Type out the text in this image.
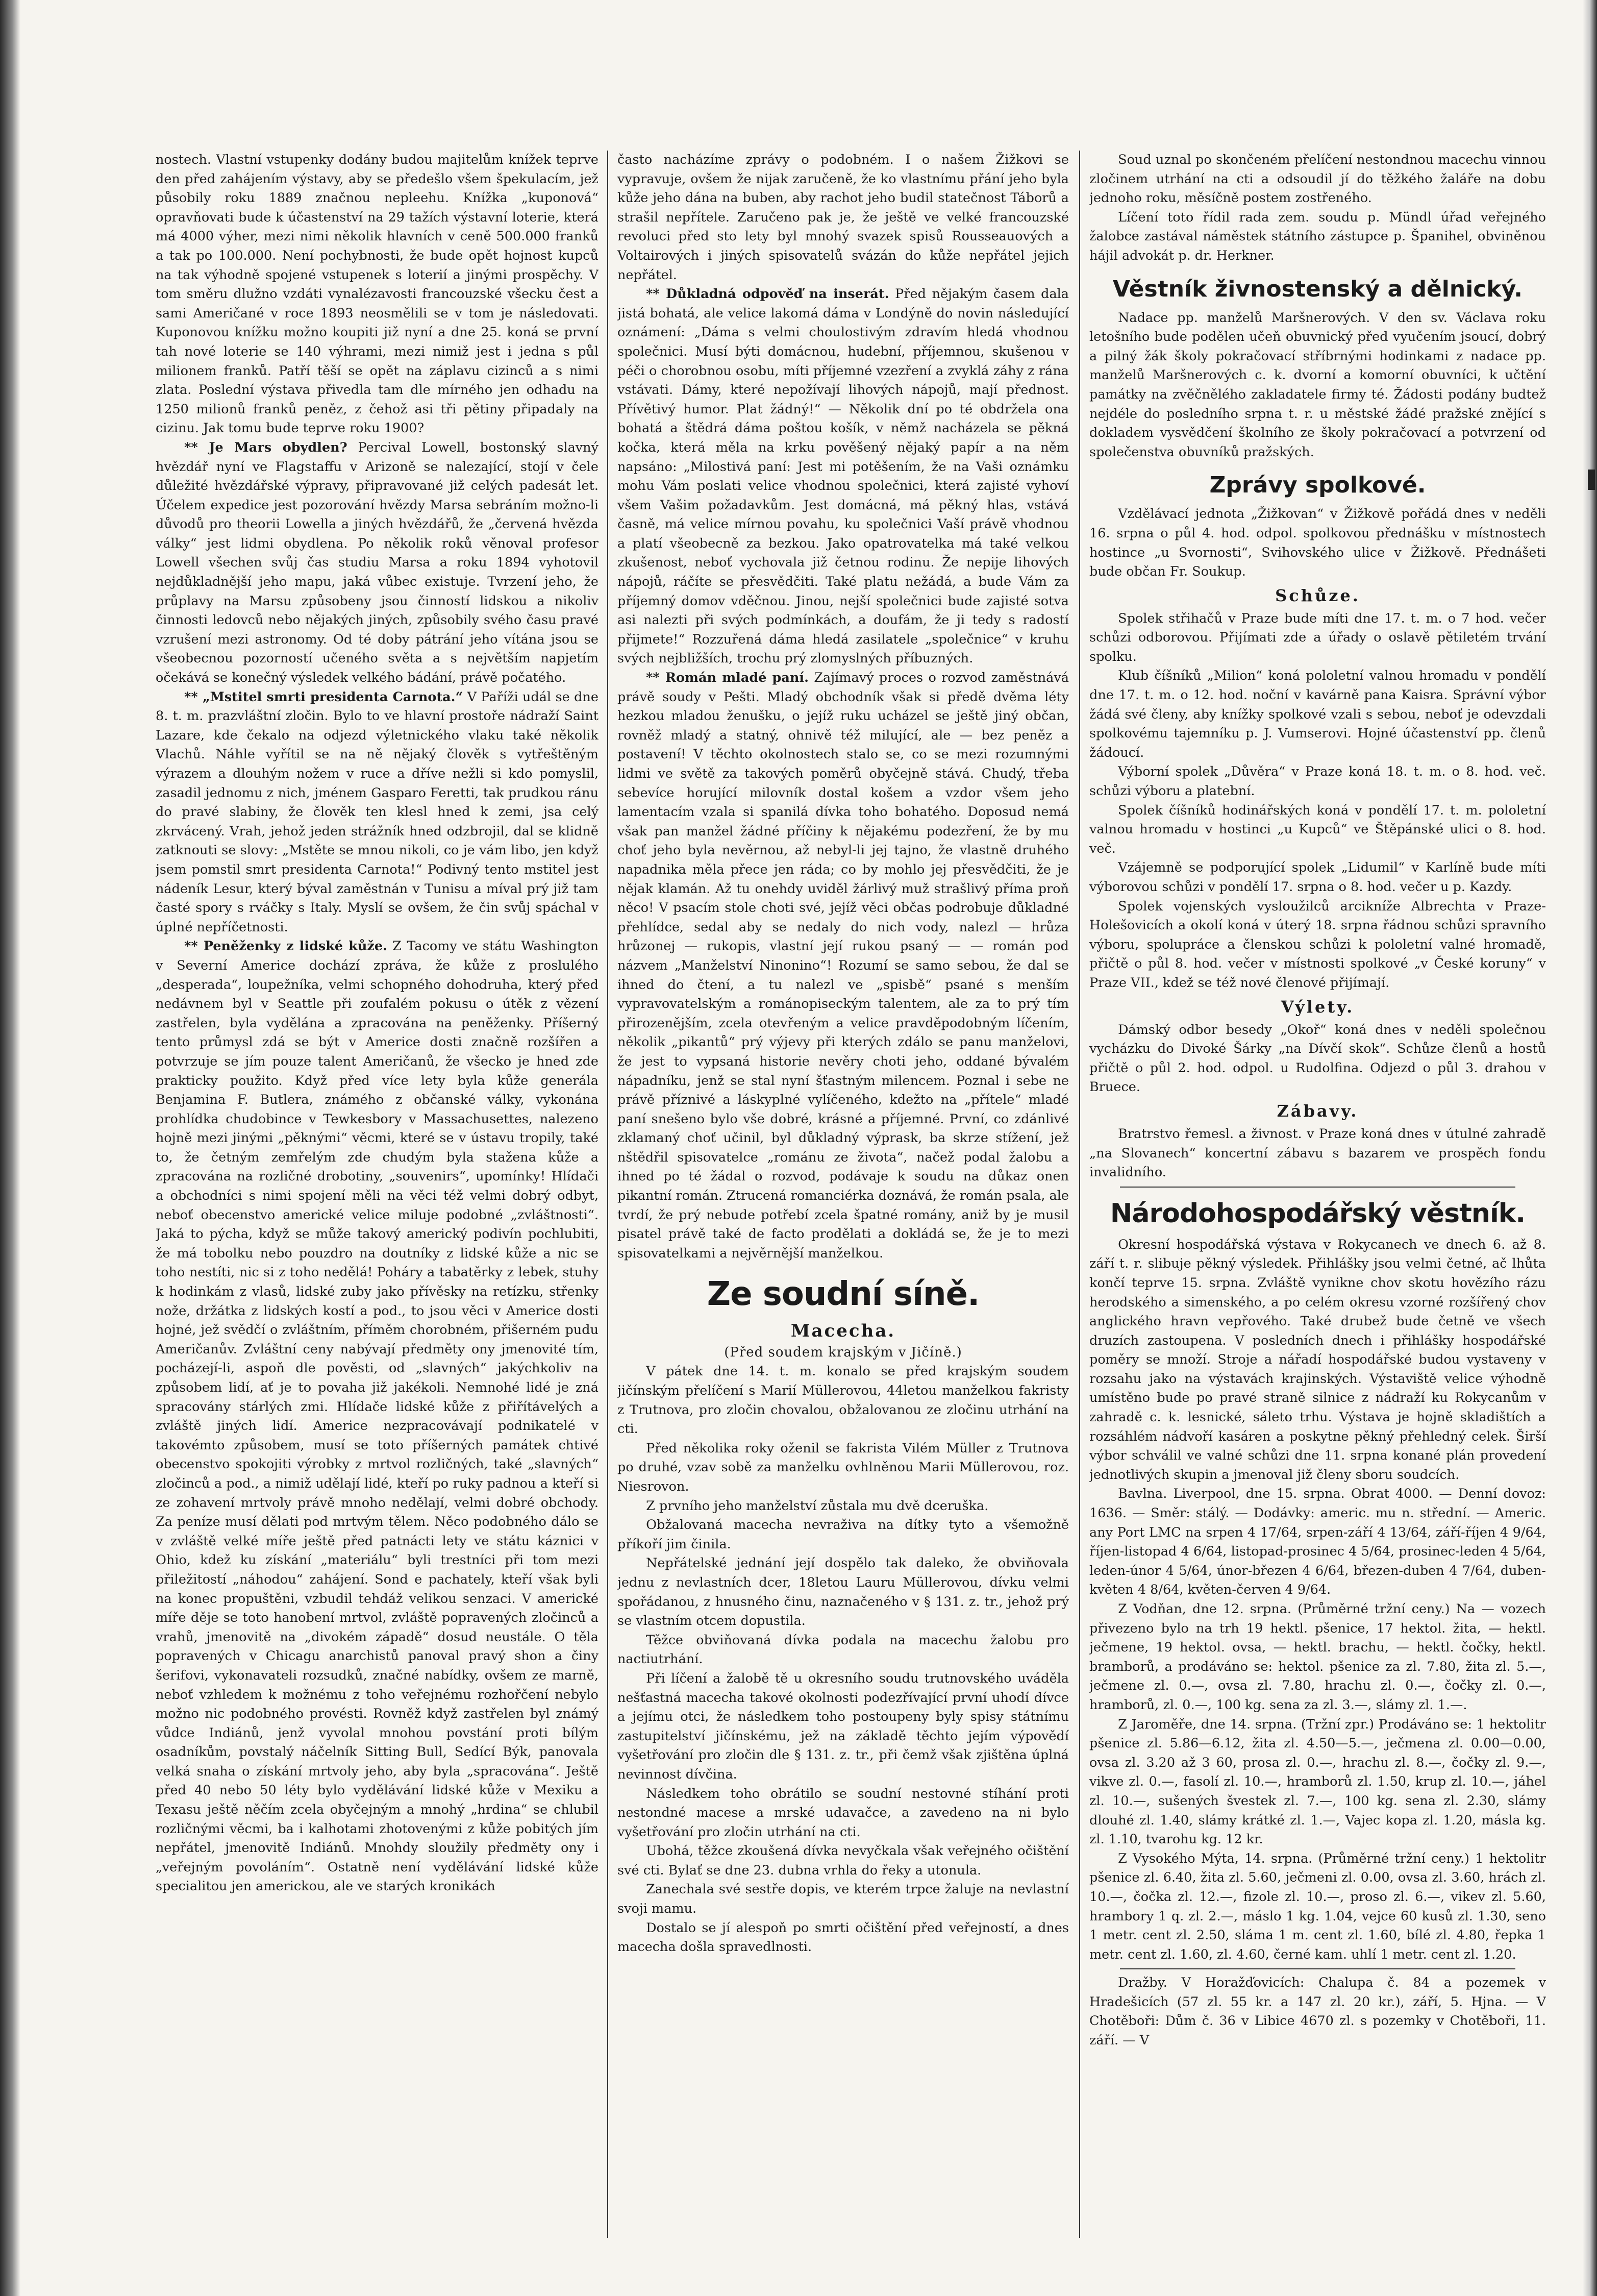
nostech. Vlastní vstupenky dodány budou majitelům knížek teprve den před zahájením výstavy, aby se předešlo všem špekulacím, jež působily roku 1889 značnou nepleehu. Knížka „kuponová“ opravňovati bude k účastenství na 29 tažích výstavní loterie, která má 4000 výher, mezi nimi několik hlavních v ceně 500.000 franků a tak po 100.000. Není pochybnosti, že bude opět hojnost kupců na tak výhodně spojené vstupenek s loterií a jinými prospěchy. V tom směru dlužno vzdáti vynalézavosti francouzské všecku čest a sami Američané v roce 1893 neosmělili se v tom je následovati. Kuponovou knížku možno koupiti již nyní a dne 25. koná se první tah nové loterie se 140 výhrami, mezi nimiž jest i jedna s půl milionem franků. Patří těší se opět na záplavu cizinců a s nimi zlata. Poslední výstava přivedla tam dle mírného jen odhadu na 1250 milionů franků peněz, z čehož asi tři pětiny připadaly na cizinu. Jak tomu bude teprve roku 1900?

** Je Mars obydlen? Percival Lowell, bostonský slavný hvězdář nyní ve Flagstaffu v Arizoně se nalezající, stojí v čele důležité hvězdářské výpravy, připravované již celých padesát let. Účelem expedice jest pozorování hvězdy Marsa sebráním možno-li důvodů pro theorii Lowella a jiných hvězdářů, že „červená hvězda války“ jest lidmi obydlena. Po několik roků věnoval profesor Lowell všechen svůj čas studiu Marsa a roku 1894 vyhotovil nejdůkladnější jeho mapu, jaká vůbec existuje. Tvrzení jeho, že průplavy na Marsu způsobeny jsou činností lidskou a nikoliv činnosti ledovců nebo nějakých jiných, způsobily svého času pravé vzrušení mezi astronomy. Od té doby pátrání jeho vítána jsou se všeobecnou pozorností učeného světa a s největším napjetím očekává se konečný výsledek velkého bádání, právě počatého.

** „Mstitel smrti presidenta Carnota.“ V Paříži udál se dne 8. t. m. prazvláštní zločin. Bylo to ve hlavní prostoře nádraží Saint Lazare, kde čekalo na odjezd výletnického vlaku také několik Vlachů. Náhle vyřítil se na ně nějaký člověk s vytřeštěným výrazem a dlouhým nožem v ruce a dříve nežli si kdo pomyslil, zasadil jednomu z nich, jménem Gasparo Feretti, tak prudkou ránu do pravé slabiny, že člověk ten klesl hned k zemi, jsa celý zkrvácený. Vrah, jehož jeden strážník hned odzbrojil, dal se klidně zatknouti se slovy: „Mstěte se mnou nikoli, co je vám libo, jen když jsem pomstil smrt presidenta Carnota!“ Podivný tento mstitel jest nádeník Lesur, který býval zaměstnán v Tunisu a míval prý již tam časté spory s rváčky s Italy. Myslí se ovšem, že čin svůj spáchal v úplné nepříčetnosti.

** Peněženky z lidské kůže. Z Tacomy ve státu Washington v Severní Americe dochází zpráva, že kůže z proslulého „desperada“, loupežníka, velmi schopného dohodruha, který před nedávnem byl v Seattle při zoufalém pokusu o útěk z vězení zastřelen, byla vydělána a zpracována na peněženky. Příšerný tento průmysl zdá se být v Americe dosti značně rozšířen a potvrzuje se jím pouze talent Američanů, že všecko je hned zde prakticky použito. Když před více lety byla kůže generála Benjamina F. Butlera, známého z občanské války, vykonána prohlídka chudobince v Tewkesbory v Massachusettes, nalezeno hojně mezi jinými „pěknými“ věcmi, které se v ústavu tropily, také to, že četným zemřelým zde chudým byla stažena kůže a zpracována na rozličné drobotiny, „souvenirs“, upomínky! Hlídači a obchodníci s nimi spojení měli na věci též velmi dobrý odbyt, neboť obecenstvo americké velice miluje podobné „zvláštnosti“. Jaká to pýcha, když se může takový americký podivín pochlubiti, že má tobolku nebo pouzdro na doutníky z lidské kůže a nic se toho nestíti, nic si z toho nedělá! Poháry a tabatěrky z lebek, stuhy k hodinkám z vlasů, lidské zuby jako přívěsky na retízku, střenky nože, držátka z lidských kostí a pod., to jsou věci v Americe dosti hojné, jež svědčí o zvláštním, příměm chorobném, přišerném pudu Američanův. Zvláštní ceny nabývají předměty ony jmenovité tím, pocházejí-li, aspoň dle pověsti, od „slavných“ jakýchkoliv na způsobem lidí, ať je to povaha již jakékoli. Nemnohé lidé je zná spracovány stárlých zmi. Hlídače lidské kůže z přiřítávelých a zvláště jiných lidí. Americe nezpracovávají podnikatelé v takovémto způsobem, musí se toto příšerných památek chtivé obecenstvo spokojiti výrobky z mrtvol rozličných, také „slavných“ zločinců a pod., a nimiž udělají lidé, kteří po ruky padnou a kteří si ze zohavení mrtvoly právě mnoho nedělají, velmi dobré obchody. Za peníze musí dělati pod mrtvým tělem. Něco podobného dálo se v zvláště velké míře ještě před patnácti lety ve státu káznici v Ohio, kdež ku získání „materiálu“ byli trestníci při tom mezi přiležitostí „náhodou“ zahájení. Sond e pachately, kteří však byli na konec propuštěni, vzbudil tehdáž velikou senzaci. V americké míře děje se toto hanobení mrtvol, zvláště popravených zločinců a vrahů, jmenovitě na „divokém západě“ dosud neustále. O těla popravených v Chicagu anarchistů panoval pravý shon a činy šerifovi, vykonavateli rozsudků, značné nabídky, ovšem ze marně, neboť vzhledem k možnému z toho veřejnému rozhořčení nebylo možno nic podobného provésti. Rovněž když zastřelen byl známý vůdce Indiánů, jenž vyvolal mnohou povstání proti bílým osadníkům, povstalý náčelník Sitting Bull, Sedící Býk, panovala velká snaha o získání mrtvoly jeho, aby byla „spracována“. Ještě před 40 nebo 50 léty bylo vydělávání lidské kůže v Mexiku a Texasu ještě něčím zcela obyčejným a mnohý „hrdina“ se chlubil rozličnými věcmi, ba i kalhotami zhotovenými z kůže pobitých jím nepřátel, jmenovitě Indiánů. Mnohdy sloužily předměty ony i „veřejným povoláním“. Ostatně není vydělávání lidské kůže specialitou jen americkou, ale ve starých kronikách

často nacházíme zprávy o podobném. I o našem Žižkovi se vypravuje, ovšem že nijak zaručeně, že ko vlastnímu přání jeho byla kůže jeho dána na buben, aby rachot jeho budil statečnost Táborů a strašil nepřítele. Zaručeno pak je, že ještě ve velké francouzské revoluci před sto lety byl mnohý svazek spisů Rousseauových a Voltairových i jiných spisovatelů svázán do kůže nepřátel jejich nepřátel.

** Důkladná odpověď na inserát. Před nějakým časem dala jistá bohatá, ale velice lakomá dáma v Londýně do novin následující oznámení: „Dáma s velmi choulostivým zdravím hledá vhodnou společnici. Musí býti domácnou, hudební, příjemnou, skušenou v péči o chorobnou osobu, míti příjemné vzezření a zvyklá záhy z rána vstávati. Dámy, které nepožívají lihových nápojů, mají přednost. Přívětivý humor. Plat žádný!“ — Několik dní po té obdržela ona bohatá a štědrá dáma poštou košík, v němž nacházela se pěkná kočka, která měla na krku pověšený nějaký papír a na něm napsáno: „Milostivá paní: Jest mi potěšením, že na Vaši oznámku mohu Vám poslati velice vhodnou společnici, která zajisté vyhoví všem Vašim požadavkům. Jest domácná, má pěkný hlas, vstává časně, má velice mírnou povahu, ku společnici Vaší právě vhodnou a platí všeobecně za bezkou. Jako opatrovatelka má také velkou zkušenost, neboť vychovala již četnou rodinu. Že nepije lihových nápojů, ráčíte se přesvědčiti. Také platu nežádá, a bude Vám za příjemný domov vděčnou. Jinou, nejší společnici bude zajisté sotva asi nalezti při svých podmínkách, a doufám, že ji tedy s radostí přijmete!“ Rozzuřená dáma hledá zasilatele „společnice“ v kruhu svých nejbližších, trochu prý zlomyslných příbuzných.

** Román mladé paní. Zajímavý proces o rozvod zaměstnává právě soudy v Pešti. Mladý obchodník však si předě dvěma léty hezkou mladou ženušku, o jejíž ruku ucházel se ještě jiný občan, rovněž mladý a statný, ohnivě též milující, ale — bez peněz a postavení! V těchto okolnostech stalo se, co se mezi rozumnými lidmi ve světě za takových poměrů obyčejně stává. Chudý, třeba sebevíce horující milovník dostal košem a vzdor všem jeho lamentacím vzala si spanilá dívka toho bohatého. Doposud nemá však pan manžel žádné příčiny k nějakému podezření, že by mu choť jeho byla nevěrnou, až nebyl-li jej tajno, že vlastně druhého napadnika měla přece jen ráda; co by mohlo jej přesvědčiti, že je nějak klamán. Až tu onehdy uviděl žárlivý muž strašlivý příma proň něco! V psacím stole choti své, jejíž věci občas podrobuje důkladné přehlídce, sedal aby se nedaly do nich vody, nalezl — hrůza hrůzonej — rukopis, vlastní její rukou psaný — — román pod názvem „Manželství Ninonino“! Rozumí se samo sebou, že dal se ihned do čtení, a tu nalezl ve „spisbě“ psané s menším vypravovatelským a románopiseckým talentem, ale za to prý tím přirozenějším, zcela otevřeným a velice pravděpodobným líčením, několik „pikantů“ prý výjevy při kterých zdálo se panu manželovi, že jest to vypsaná historie nevěry choti jeho, oddané bývalém nápadníku, jenž se stal nyní šťastným milencem. Poznal i sebe ne právě příznivé a láskyplné vylíčeného, kdežto na „přítele“ mladé paní snešeno bylo vše dobré, krásné a příjemné. První, co zdánlivé zklamaný choť učinil, byl důkladný výprask, ba skrze stížení, jež nštědřil spisovatelce „románu ze života“, načež podal žalobu a ihned po té žádal o rozvod, podávaje k soudu na důkaz onen pikantní román. Ztrucená romanciérka doznává, že román psala, ale tvrdí, že prý nebude potřebí zcela špatné romány, aniž by je musil pisatel právě také de facto prodělati a dokládá se, že je to mezi spisovatelkami a nejvěrnější manželkou.

Ze soudní síně.
Macecha.
(Před soudem krajským v Jičíně.)

V pátek dne 14. t. m. konalo se před krajským soudem jičínským přelíčení s Marií Müllerovou, 44letou manželkou fakristy z Trutnova, pro zločin chovalou, obžalovanou ze zločinu utrhání na cti.

Před několika roky oženil se fakrista Vilém Müller z Trutnova po druhé, vzav sobě za manželku ovhlněnou Marii Müllerovou, roz. Niesrovon.

Z prvního jeho manželství zůstala mu dvě dceruška.

Obžalovaná macecha nevraživa na dítky tyto a všemožně příkoří jim činila.

Nepřátelské jednání její dospělo tak daleko, že obviňovala jednu z nevlastních dcer, 18letou Lauru Müllerovou, dívku velmi spořádanou, z hnusného činu, naznačeného v § 131. z. tr., jehož prý se vlastním otcem dopustila.

Těžce obviňovaná dívka podala na macechu žalobu pro nactiutrhání.

Při líčení a žalobě tě u okresního soudu trutnovského uváděla nešťastná macecha takové okolnosti podezřívající první uhodí dívce a jejímu otci, že následkem toho postoupeny byly spisy státnímu zastupitelství jičínskému, jež na základě těchto jejím výpovědí vyšetřování pro zločin dle § 131. z. tr., při čemž však zjištěna úplná nevinnost dívčina.

Následkem toho obrátilo se soudní nestovné stíhání proti nestondné macese a mrské udavačce, a zavedeno na ni bylo vyšetřování pro zločin utrhání na cti.

Ubohá, těžce zkoušená dívka nevyčkala však veřejného očištění své cti. Bylať se dne 23. dubna vrhla do řeky a utonula.

Zanechala své sestře dopis, ve kterém trpce žaluje na nevlastní svoji mamu.

Dostalo se jí alespoň po smrti očištění před veřejností, a dnes macecha došla spravedlnosti.

Soud uznal po skončeném přelíčení nestondnou macechu vinnou zločinem utrhání na cti a odsoudil jí do těžkého žaláře na dobu jednoho roku, měsíčně postem zostřeného.

Líčení toto řídil rada zem. soudu p. Mündl úřad veřejného žalobce zastával náměstek státního zástupce p. Španihel, obviněnou hájil advokát p. dr. Herkner.

Věstník živnostenský a dělnický.

Nadace pp. manželů Maršnerových. V den sv. Václava roku letošního bude podělen učeň obuvnický před vyučením jsoucí, dobrý a pilný žák školy pokračovací stříbrnými hodinkami z nadace pp. manželů Maršnerových c. k. dvorní a komorní obuvníci, k učtění památky na zvěčnělého zakladatele firmy té. Žádosti podány budtež nejdéle do posledního srpna t. r. u městské žádé pražské znějící s dokladem vysvědčení školního ze školy pokračovací a potvrzení od společenstva obuvníků pražských.

Zprávy spolkové.

Vzdělávací jednota „Žižkovan“ v Žižkově pořádá dnes v neděli 16. srpna o půl 4. hod. odpol. spolkovou přednášku v místnostech hostince „u Svornosti“, Svihovského ulice v Žižkově. Přednášeti bude občan Fr. Soukup.

Schůze.

Spolek střihačů v Praze bude míti dne 17. t. m. o 7 hod. večer schůzi odborovou. Přijímati zde a úřady o oslavě pětiletém trvání spolku.

Klub číšníků „Milion“ koná pololetní valnou hromadu v pondělí dne 17. t. m. o 12. hod. noční v kavárně pana Kaisra. Správní výbor žádá své členy, aby knížky spolkové vzali s sebou, neboť je odevzdali spolkovému tajemníku p. J. Vumserovi. Hojné účastenství pp. členů žádoucí.

Výborní spolek „Důvěra“ v Praze koná 18. t. m. o 8. hod. več. schůzi výboru a platební.

Spolek číšníků hodinářských koná v pondělí 17. t. m. pololetní valnou hromadu v hostinci „u Kupců“ ve Štěpánské ulici o 8. hod. več.

Vzájemně se podporující spolek „Lidumil“ v Karlíně bude míti výborovou schůzi v pondělí 17. srpna o 8. hod. večer u p. Kazdy.

Spolek vojenských vysloužilců arcikníže Albrechta v Praze-Holešovicích a okolí koná v úterý 18. srpna řádnou schůzi spravního výboru, spolupráce a členskou schůzi k pololetní valné hromadě, přičtě o půl 8. hod. večer v místnosti spolkové „v České koruny“ v Praze VII., kdež se též nové členové přijímají.

Výlety.

Dámský odbor besedy „Okoř“ koná dnes v neděli společnou vycházku do Divoké Šárky „na Dívčí skok“. Schůze členů a hostů přičtě o půl 2. hod. odpol. u Rudolfina. Odjezd o půl 3. drahou v Bruece.

Zábavy.

Bratrstvo řemesl. a živnost. v Praze koná dnes v útulné zahradě „na Slovanech“ koncertní zábavu s bazarem ve prospěch fondu invalidního.

Národohospodářský věstník.

Okresní hospodářská výstava v Rokycanech ve dnech 6. až 8. září t. r. slibuje pěkný výsledek. Přihlášky jsou velmi četné, ač lhůta končí teprve 15. srpna. Zvláště vynikne chov skotu hovězího rázu herodského a simenského, a po celém okresu vzorné rozšířený chov anglického hravn vepřového. Také drubež bude četně ve všech druzích zastoupena. V posledních dnech i přihlášky hospodářské poměry se množí. Stroje a nářadí hospodářské budou vystaveny v rozsahu jako na výstavách krajinských. Výstaviště velice výhodně umístěno bude po pravé straně silnice z nádraží ku Rokycanům v zahradě c. k. lesnické, sáleto trhu. Výstava je hojně skladištích a rozsáhlém nádvoří kasáren a poskytne pěkný přehledný celek. Širší výbor schválil ve valné schůzi dne 11. srpna konané plán provedení jednotlivých skupin a jmenoval již členy sboru soudcích.

Bavlna. Liverpool, dne 15. srpna. Obrat 4000. — Denní dovoz: 1636. — Směr: stálý. — Dodávky: americ. mu n. střední. — Americ. any Port LMC na srpen 4 17/64, srpen-září 4 13/64, září-říjen 4 9/64, říjen-listopad 4 6/64, listopad-prosinec 4 5/64, prosinec-leden 4 5/64, leden-únor 4 5/64, únor-březen 4 6/64, březen-duben 4 7/64, duben-květen 4 8/64, květen-červen 4 9/64.

Z Vodňan, dne 12. srpna. (Průměrné tržní ceny.) Na — vozech přivezeno bylo na trh 19 hektl. pšenice, 17 hektol. žita, — hektl. ječmene, 19 hektol. ovsa, — hektl. brachu, — hektl. čočky, hektl. bramborů, a prodáváno se: hektol. pšenice za zl. 7.80, žita zl. 5.—, ječmene zl. 0.—, ovsa zl. 7.80, hrachu zl. 0.—, čočky zl. 0.—, hramborů, zl. 0.—, 100 kg. sena za zl. 3.—, slámy zl. 1.—.

Z Jaroměře, dne 14. srpna. (Tržní zpr.) Prodáváno se: 1 hektolitr pšenice zl. 5.86—6.12, žita zl. 4.50—5.—, ječmena zl. 0.00—0.00, ovsa zl. 3.20 až 3 60, prosa zl. 0.—, hrachu zl. 8.—, čočky zl. 9.—, vikve zl. 0.—, fasolí zl. 10.—, hramborů zl. 1.50, krup zl. 10.—, jáhel zl. 10.—, sušených švestek zl. 7.—, 100 kg. sena zl. 2.30, slámy dlouhé zl. 1.40, slámy krátké zl. 1.—, Vajec kopa zl. 1.20, másla kg. zl. 1.10, tvarohu kg. 12 kr.

Z Vysokého Mýta, 14. srpna. (Průměrné tržní ceny.) 1 hektolitr pšenice zl. 6.40, žita zl. 5.60, ječmeni zl. 0.00, ovsa zl. 3.60, hrách zl. 10.—, čočka zl. 12.—, fizole zl. 10.—, proso zl. 6.—, vikev zl. 5.60, hrambory 1 q. zl. 2.—, máslo 1 kg. 1.04, vejce 60 kusů zl. 1.30, seno 1 metr. cent zl. 2.50, sláma 1 m. cent zl. 1.60, bílé zl. 4.80, řepka 1 metr. cent zl. 1.60, zl. 4.60, černé kam. uhlí 1 metr. cent zl. 1.20.

Dražby. V Horažďovicích: Chalupa č. 84 a pozemek v Hradešicích (57 zl. 55 kr. a 147 zl. 20 kr.), září, 5. Hjna. — V Chotěboři: Dům č. 36 v Libice 4670 zl. s pozemky v Chotěboři, 11. září. — V
